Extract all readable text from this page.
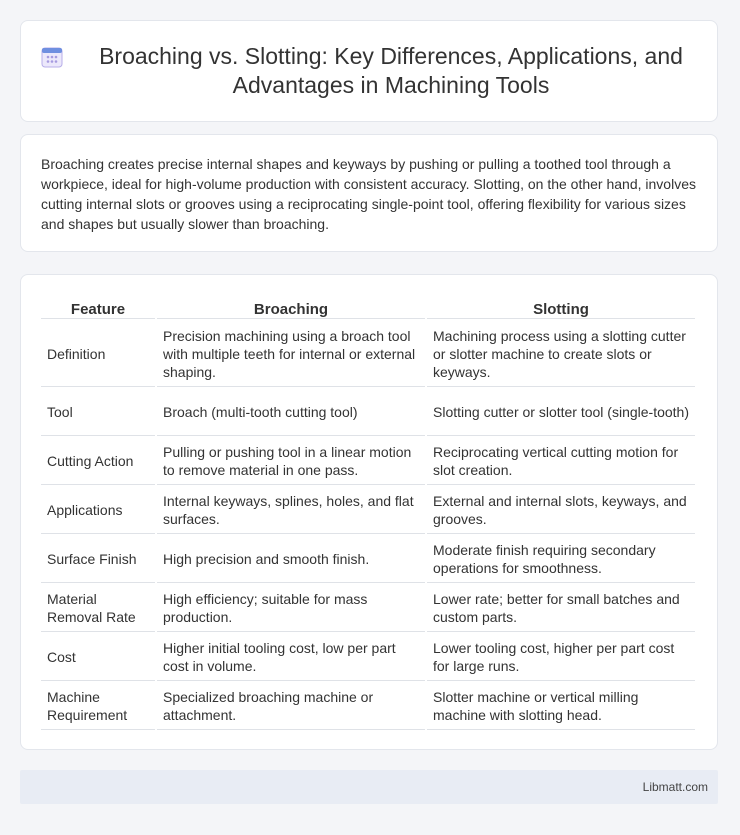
Broaching vs. Slotting: Key Differences, Applications, and Advantages in Machining Tools

Broaching creates precise internal shapes and keyways by pushing or pulling a toothed tool through a workpiece, ideal for high-volume production with consistent accuracy. Slotting, on the other hand, involves cutting internal slots or grooves using a reciprocating single-point tool, offering flexibility for various sizes and shapes but usually slower than broaching.

Feature	Broaching	Slotting
Definition	Precision machining using a broach tool with multiple teeth for internal or external shaping.	Machining process using a slotting cutter or slotter machine to create slots or keyways.
Tool	Broach (multi-tooth cutting tool)	Slotting cutter or slotter tool (single-tooth)
Cutting Action	Pulling or pushing tool in a linear motion to remove material in one pass.	Reciprocating vertical cutting motion for slot creation.
Applications	Internal keyways, splines, holes, and flat surfaces.	External and internal slots, keyways, and grooves.
Surface Finish	High precision and smooth finish.	Moderate finish requiring secondary operations for smoothness.
Material Removal Rate	High efficiency; suitable for mass production.	Lower rate; better for small batches and custom parts.
Cost	Higher initial tooling cost, low per part cost in volume.	Lower tooling cost, higher per part cost for large runs.
Machine Requirement	Specialized broaching machine or attachment.	Slotter machine or vertical milling machine with slotting head.
Libmatt.com
